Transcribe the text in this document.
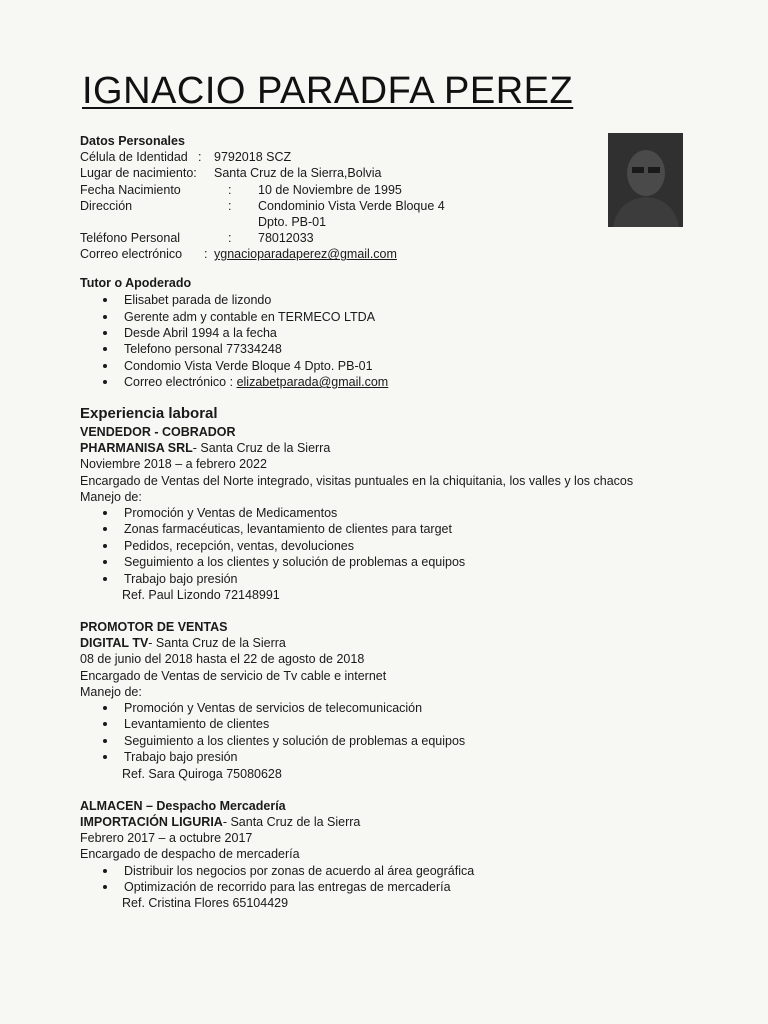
IGNACIO PARADFA PEREZ
Datos Personales
Célula de Identidad : 9792018 SCZ
Lugar de nacimiento: Santa Cruz de la Sierra,Bolvia
Fecha Nacimiento	: 10 de Noviembre de 1995
Dirección	: Condominio Vista Verde Bloque 4
Dpto. PB-01
Teléfono Personal	: 78012033
Correo electrónico : ygnacioparadaperez@gmail.com
Tutor o Apoderado
Elisabet parada de lizondo
Gerente adm y contable en TERMECO LTDA
Desde Abril 1994 a la fecha
Telefono personal 77334248
Condomio Vista Verde Bloque 4 Dpto. PB-01
Correo electrónico : elizabetparada@gmail.com
Experiencia laboral
VENDEDOR - COBRADOR
PHARMANISA SRL- Santa Cruz de la Sierra
Noviembre 2018 – a febrero 2022
Encargado de Ventas del Norte integrado, visitas puntuales en la chiquitania, los valles y los chacos
Manejo de:
Promoción y Ventas de Medicamentos
Zonas farmacéuticas, levantamiento de clientes para target
Pedidos, recepción, ventas, devoluciones
Seguimiento a los clientes y solución de problemas a equipos
Trabajo bajo presión
Ref. Paul Lizondo 72148991
PROMOTOR DE VENTAS
DIGITAL TV- Santa Cruz de la Sierra
08 de junio del 2018 hasta el 22 de agosto de 2018
Encargado de Ventas de servicio de Tv cable e internet
Manejo de:
Promoción y Ventas de servicios de telecomunicación
Levantamiento de clientes
Seguimiento a los clientes y solución de problemas a equipos
Trabajo bajo presión
Ref. Sara Quiroga 75080628
ALMACEN – Despacho Mercadería
IMPORTACIÓN LIGURIA- Santa Cruz de la Sierra
Febrero 2017 – a octubre 2017
Encargado de despacho de mercadería
Distribuir los negocios por zonas de acuerdo al área geográfica
Optimización de recorrido para las entregas de mercadería
Ref. Cristina Flores 65104429
